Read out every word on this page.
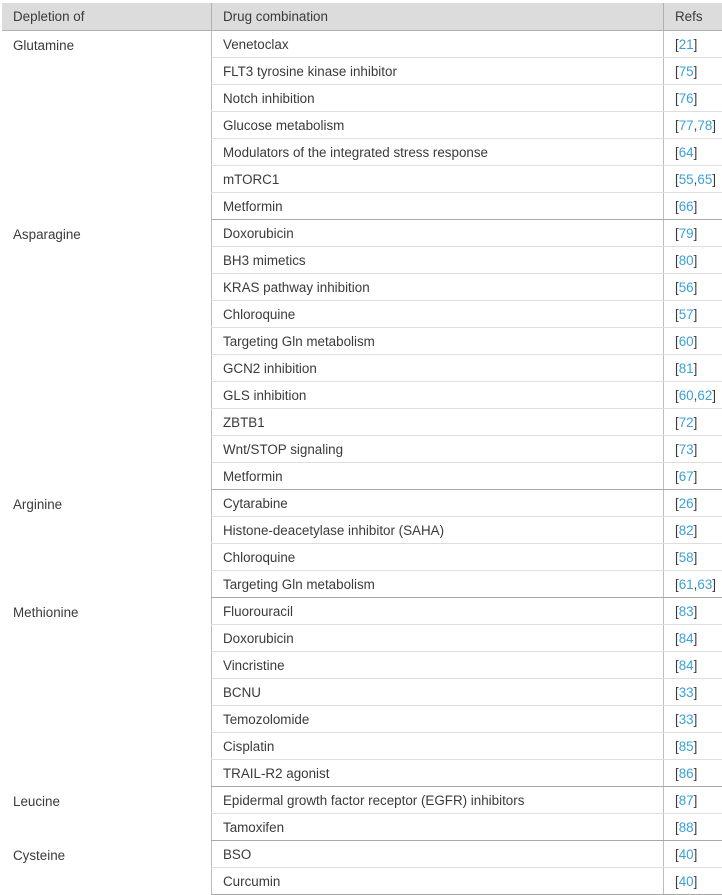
Depletion of	Drug combination	Refs
Glutamine	Venetoclax	[21]
	FLT3 tyrosine kinase inhibitor	[75]
	Notch inhibition	[76]
	Glucose metabolism	[77,78]
	Modulators of the integrated stress response	[64]
	mTORC1	[55,65]
	Metformin	[66]
Asparagine	Doxorubicin	[79]
	BH3 mimetics	[80]
	KRAS pathway inhibition	[56]
	Chloroquine	[57]
	Targeting Gln metabolism	[60]
	GCN2 inhibition	[81]
	GLS inhibition	[60,62]
	ZBTB1	[72]
	Wnt/STOP signaling	[73]
	Metformin	[67]
Arginine	Cytarabine	[26]
	Histone-deacetylase inhibitor (SAHA)	[82]
	Chloroquine	[58]
	Targeting Gln metabolism	[61,63]
Methionine	Fluorouracil	[83]
	Doxorubicin	[84]
	Vincristine	[84]
	BCNU	[33]
	Temozolomide	[33]
	Cisplatin	[85]
	TRAIL-R2 agonist	[86]
Leucine	Epidermal growth factor receptor (EGFR) inhibitors	[87]
	Tamoxifen	[88]
Cysteine	BSO	[40]
	Curcumin	[40]
